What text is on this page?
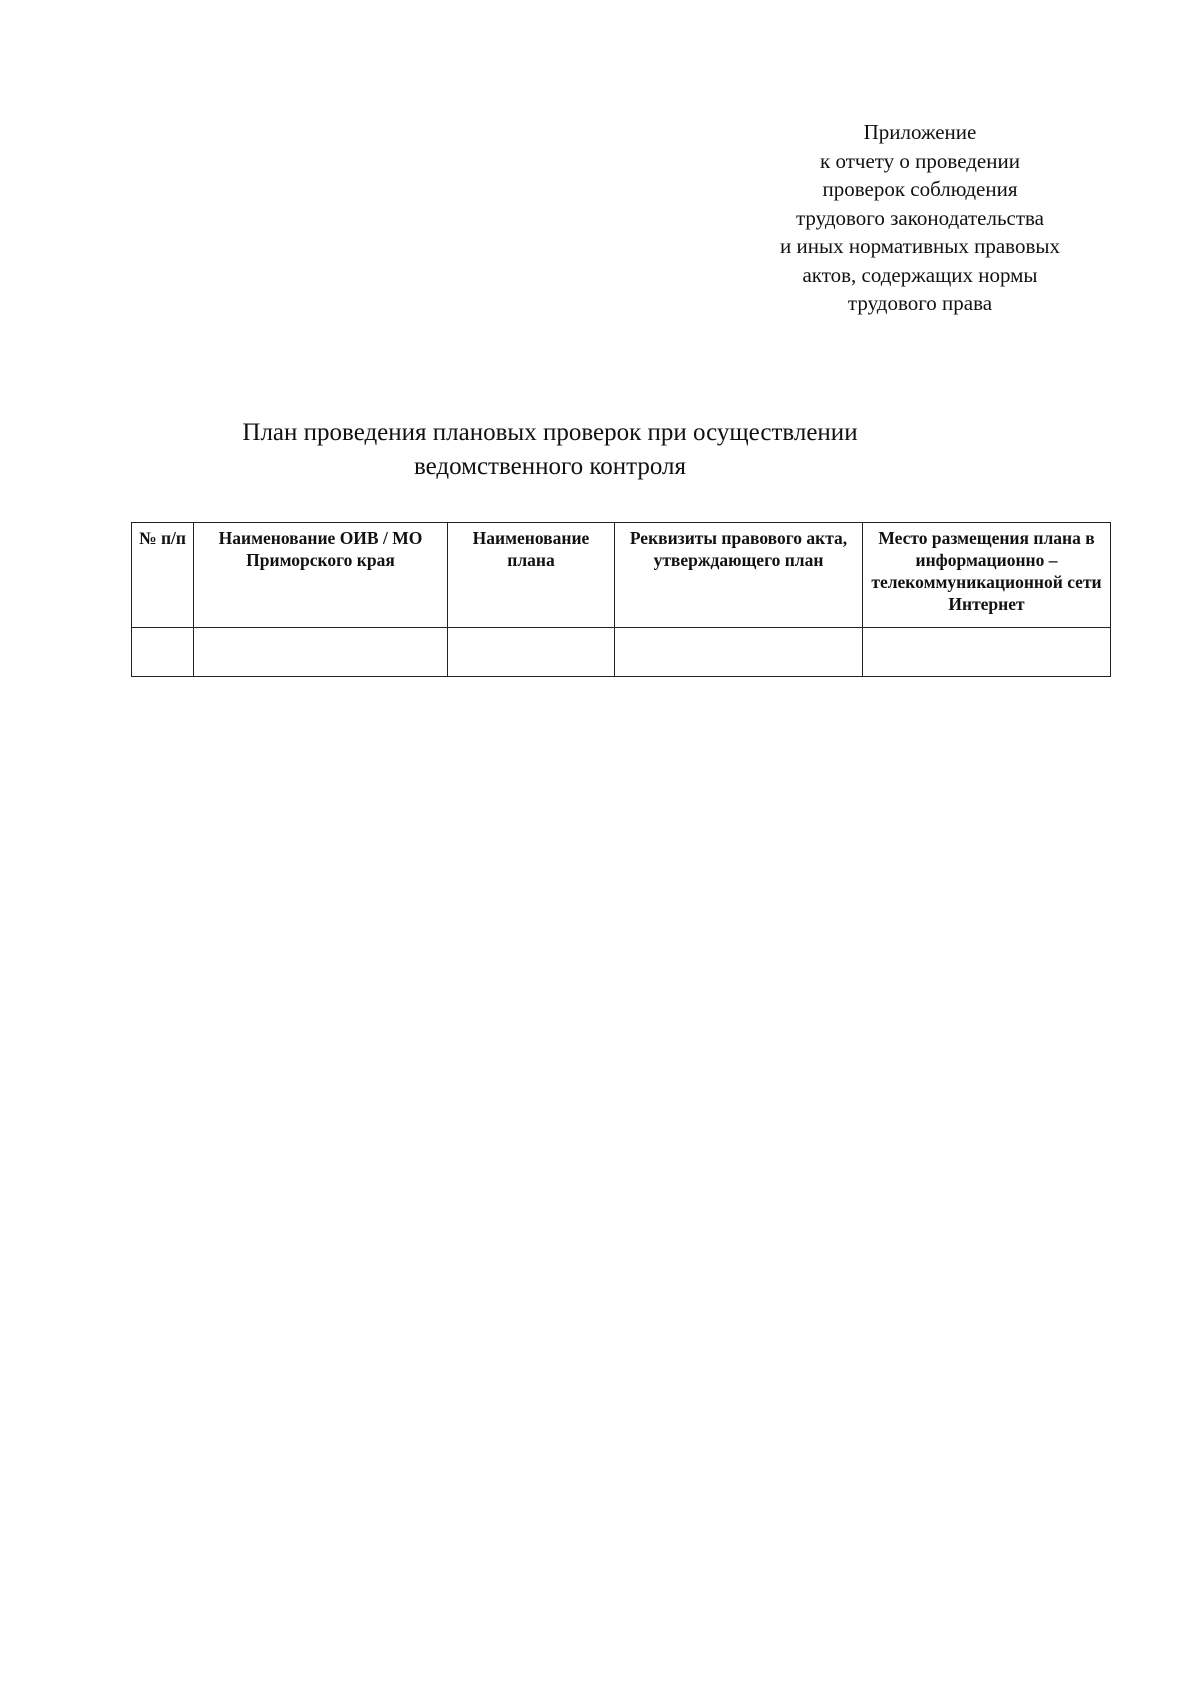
Приложение
к отчету о проведении
проверок соблюдения
трудового законодательства
и иных нормативных правовых
актов, содержащих нормы
трудового права
План проведения плановых проверок при осуществлении
ведомственного контроля
№ п/п	Наименование ОИВ / МО Приморского края	Наименование плана	Реквизиты правового акта, утверждающего план	Место размещения плана в информационно – телекоммуникационной сети Интернет
